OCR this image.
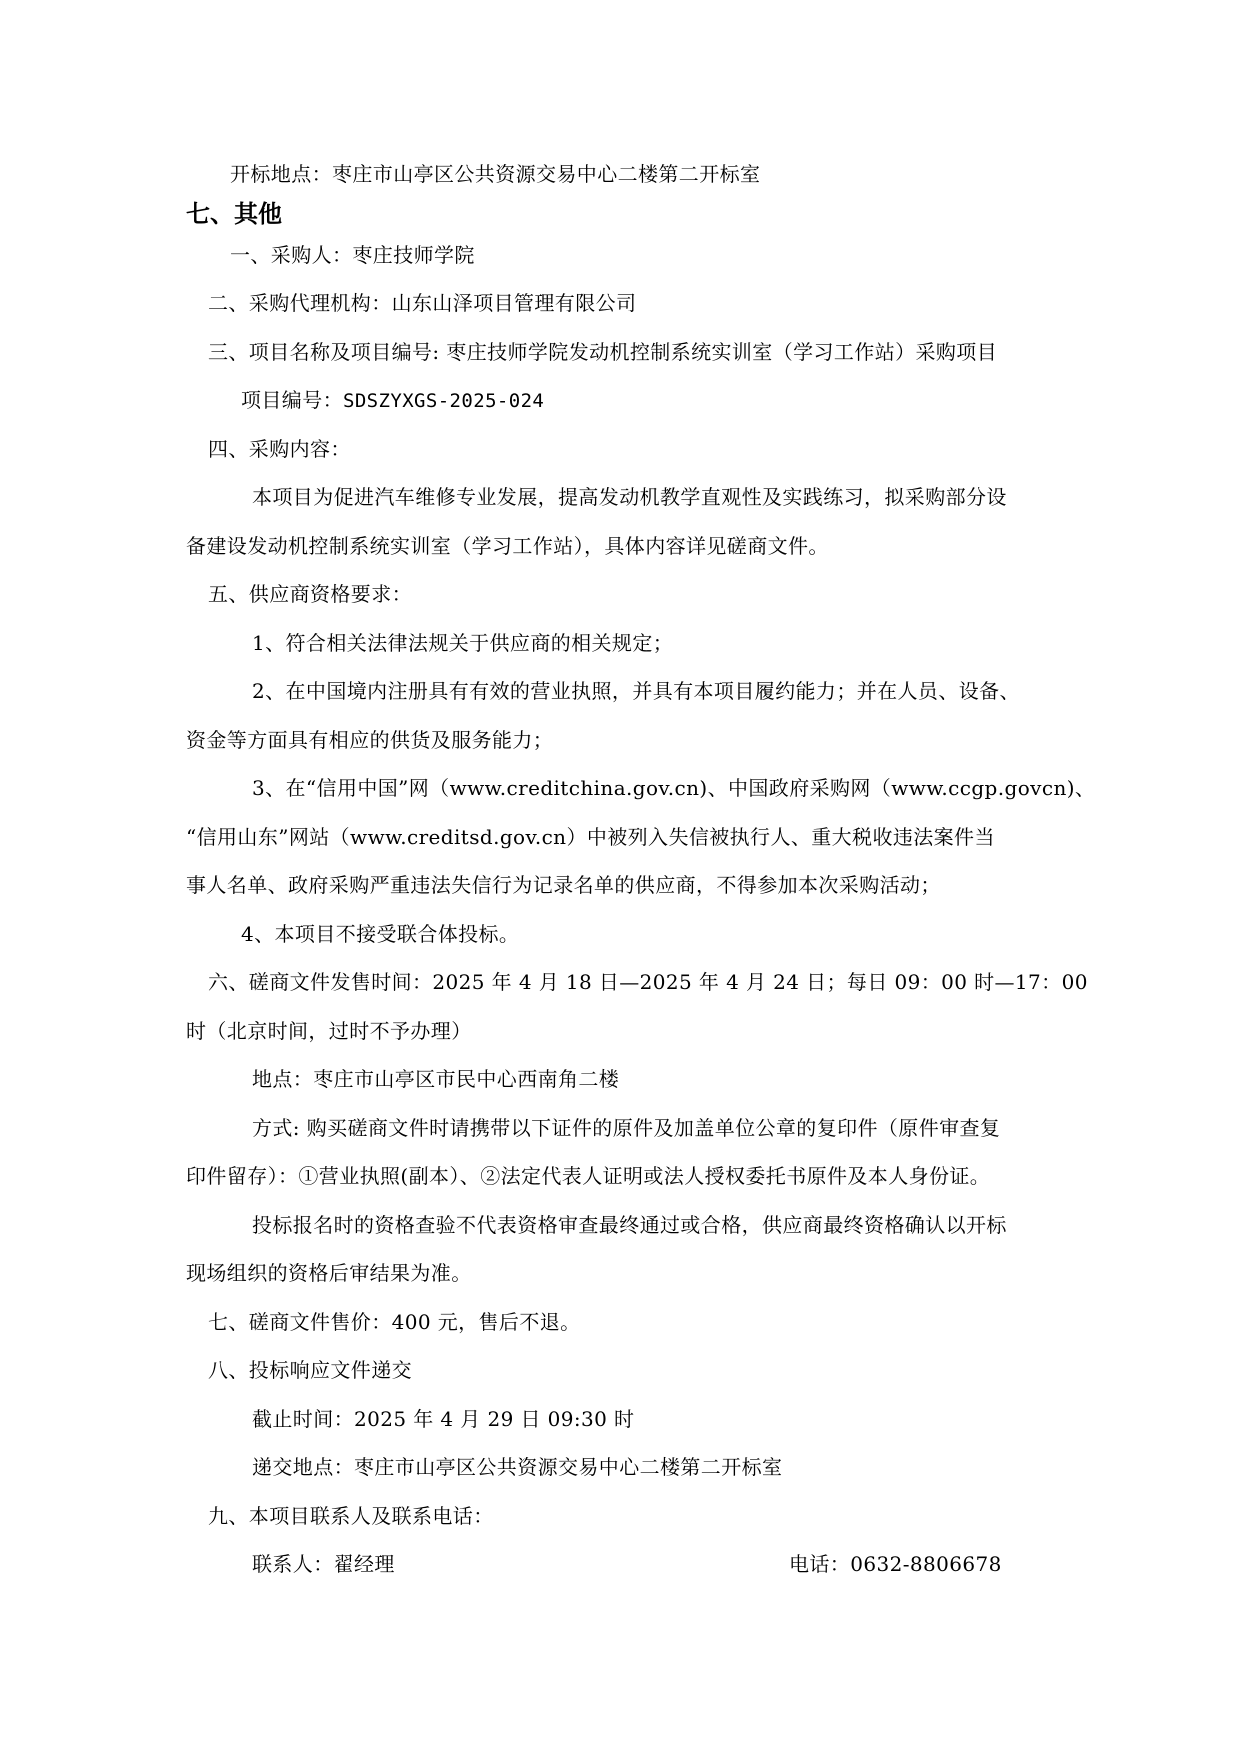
开标地点：枣庄市山亭区公共资源交易中心二楼第二开标室
七、其他
一、采购人：枣庄技师学院
二、采购代理机构：山东山泽项目管理有限公司
三、项目名称及项目编号: 枣庄技师学院发动机控制系统实训室（学习工作站）采购项目
项目编号：SDSZYXGS-2025-024
四、采购内容：
本项目为促进汽车维修专业发展，提高发动机教学直观性及实践练习，拟采购部分设
备建设发动机控制系统实训室（学习工作站），具体内容详见磋商文件。
五、供应商资格要求：
1、符合相关法律法规关于供应商的相关规定；
2、在中国境内注册具有有效的营业执照，并具有本项目履约能力；并在人员、设备、
资金等方面具有相应的供货及服务能力；
3、在“信用中国”网（www.creditchina.gov.cn)、中国政府采购网（www.ccgp.govcn)、
“信用山东”网站（www.creditsd.gov.cn）中被列入失信被执行人、重大税收违法案件当
事人名单、政府采购严重违法失信行为记录名单的供应商，不得参加本次采购活动；
4、本项目不接受联合体投标。
六、磋商文件发售时间：2025 年 4 月 18 日—2025 年 4 月 24 日；每日 09：00 时—17：00
时（北京时间，过时不予办理）
地点：枣庄市山亭区市民中心西南角二楼
方式: 购买磋商文件时请携带以下证件的原件及加盖单位公章的复印件（原件审查复
印件留存）：①营业执照(副本）、②法定代表人证明或法人授权委托书原件及本人身份证。
投标报名时的资格查验不代表资格审查最终通过或合格，供应商最终资格确认以开标
现场组织的资格后审结果为准。
七、磋商文件售价：400 元，售后不退。
八、投标响应文件递交
截止时间：2025 年 4 月 29 日 09:30 时
递交地点：枣庄市山亭区公共资源交易中心二楼第二开标室
九、本项目联系人及联系电话：
联系人：翟经理	电话：0632-8806678
